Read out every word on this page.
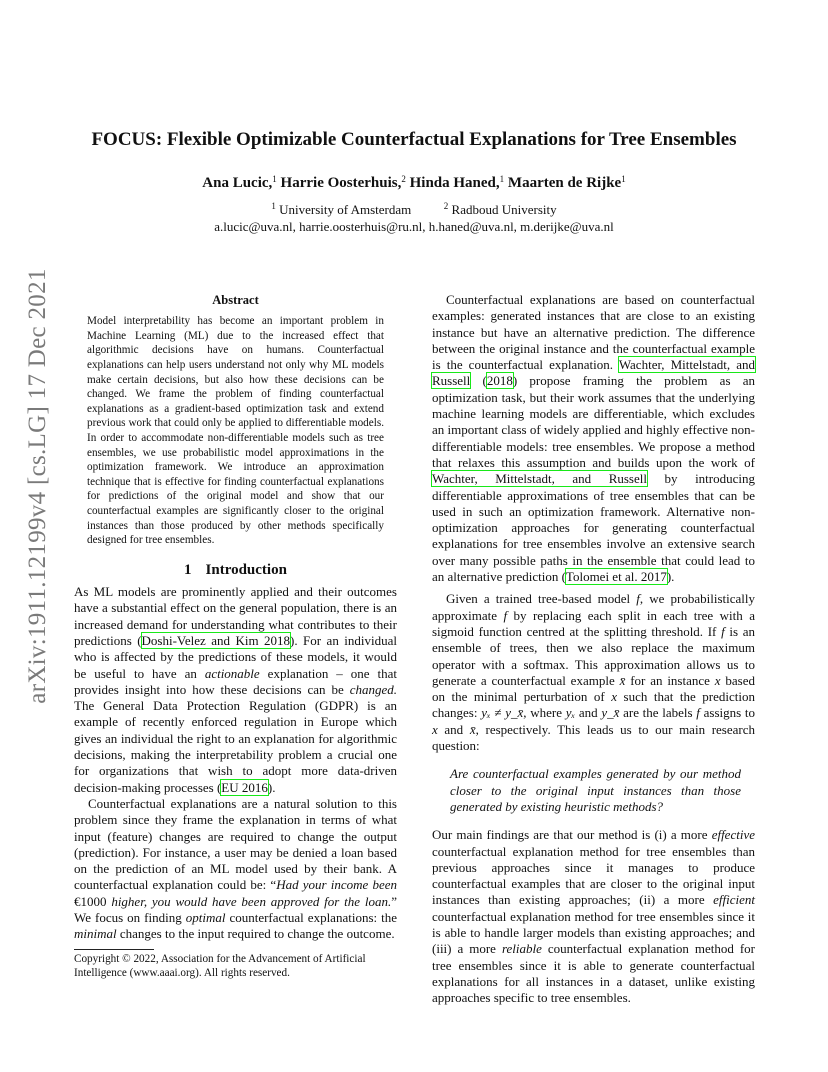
arXiv:1911.12199v4 [cs.LG] 17 Dec 2021
FOCUS: Flexible Optimizable Counterfactual Explanations for Tree Ensembles
Ana Lucic,$^1$ Harrie Oosterhuis,$^2$ Hinda Haned,$^1$ Maarten de Rijke$^1$
$^1$ University of Amsterdam	$^2$ Radboud University
a.lucic@uva.nl, harrie.oosterhuis@ru.nl, h.haned@uva.nl, m.derijke@uva.nl
Abstract

Model interpretability has become an important problem in Machine Learning (ML) due to the increased effect that algorithmic decisions have on humans. Counterfactual explanations can help users understand not only why ML models make certain decisions, but also how these decisions can be changed. We frame the problem of finding counterfactual explanations as a gradient-based optimization task and extend previous work that could only be applied to differentiable models. In order to accommodate non-differentiable models such as tree ensembles, we use probabilistic model approximations in the optimization framework. We introduce an approximation technique that is effective for finding counterfactual explanations for predictions of the original model and show that our counterfactual examples are significantly closer to the original instances than those produced by other methods specifically designed for tree ensembles.

1 Introduction

As ML models are prominently applied and their outcomes have a substantial effect on the general population, there is an increased demand for understanding what contributes to their predictions (Doshi-Velez and Kim 2018). For an individual who is affected by the predictions of these models, it would be useful to have an actionable explanation – one that provides insight into how these decisions can be changed. The General Data Protection Regulation (GDPR) is an example of recently enforced regulation in Europe which gives an individual the right to an explanation for algorithmic decisions, making the interpretability problem a crucial one for organizations that wish to adopt more data-driven decision-making processes (EU 2016).

Counterfactual explanations are a natural solution to this problem since they frame the explanation in terms of what input (feature) changes are required to change the output (prediction). For instance, a user may be denied a loan based on the prediction of an ML model used by their bank. A counterfactual explanation could be: “Had your income been €1000 higher, you would have been approved for the loan.” We focus on finding optimal counterfactual explanations: the minimal changes to the input required to change the outcome.

Copyright © 2022, Association for the Advancement of Artificial Intelligence (www.aaai.org). All rights reserved.

Counterfactual explanations are based on counterfactual examples: generated instances that are close to an existing instance but have an alternative prediction. The difference between the original instance and the counterfactual example is the counterfactual explanation. Wachter, Mittelstadt, and Russell (2018) propose framing the problem as an optimization task, but their work assumes that the underlying machine learning models are differentiable, which excludes an important class of widely applied and highly effective non-differentiable models: tree ensembles. We propose a method that relaxes this assumption and builds upon the work of Wachter, Mittelstadt, and Russell by introducing differentiable approximations of tree ensembles that can be used in such an optimization framework. Alternative non-optimization approaches for generating counterfactual explanations for tree ensembles involve an extensive search over many possible paths in the ensemble that could lead to an alternative prediction (Tolomei et al. 2017).

Given a trained tree-based model f, we probabilistically approximate f by replacing each split in each tree with a sigmoid function centred at the splitting threshold. If f is an ensemble of trees, then we also replace the maximum operator with a softmax. This approximation allows us to generate a counterfactual example x̄ for an instance x based on the minimal perturbation of x such that the prediction changes: yₓ ≠ y_x̄, where yₓ and y_x̄ are the labels f assigns to x and x̄, respectively. This leads us to our main research question:

Are counterfactual examples generated by our method closer to the original input instances than those generated by existing heuristic methods?

Our main findings are that our method is (i) a more effective counterfactual explanation method for tree ensembles than previous approaches since it manages to produce counterfactual examples that are closer to the original input instances than existing approaches; (ii) a more efficient counterfactual explanation method for tree ensembles since it is able to handle larger models than existing approaches; and (iii) a more reliable counterfactual explanation method for tree ensembles since it is able to generate counterfactual explanations for all instances in a dataset, unlike existing approaches specific to tree ensembles.
